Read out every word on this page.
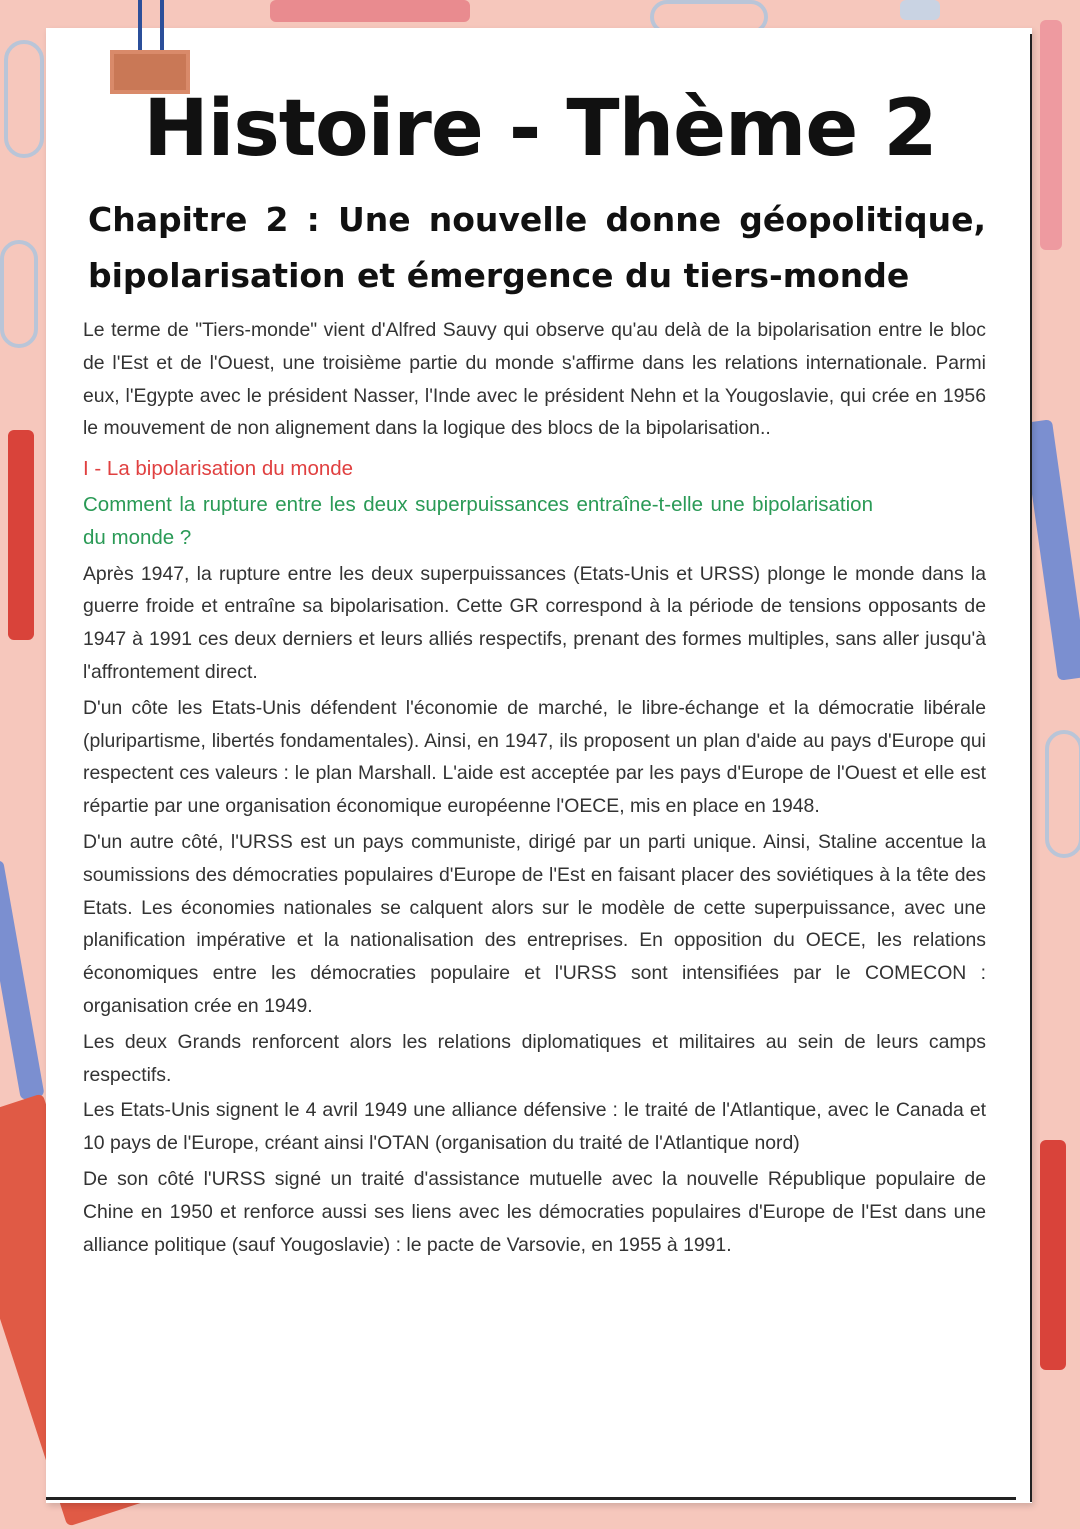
Histoire - Thème 2
Chapitre 2 : Une nouvelle donne géopolitique, bipolarisation et émergence du tiers-monde

Le terme de "Tiers-monde" vient d'Alfred Sauvy qui observe qu'au delà de la bipolarisation entre le bloc de l'Est et de l'Ouest, une troisième partie du monde s'affirme dans les relations internationale. Parmi eux, l'Egypte avec le président Nasser, l'Inde avec le président Nehn et la Yougoslavie, qui crée en 1956 le mouvement de non alignement dans la logique des blocs de la bipolarisation..

I - La bipolarisation du monde

Comment la rupture entre les deux superpuissances entraîne-t-elle une bipolarisation du monde ?

Après 1947, la rupture entre les deux superpuissances (Etats-Unis et URSS) plonge le monde dans la guerre froide et entraîne sa bipolarisation. Cette GR correspond à la période de tensions opposants de 1947 à 1991 ces deux derniers et leurs alliés respectifs, prenant des formes multiples, sans aller jusqu'à l'affrontement direct.

D'un côte les Etats-Unis défendent l'économie de marché, le libre-échange et la démocratie libérale (pluripartisme, libertés fondamentales). Ainsi, en 1947, ils proposent un plan d'aide au pays d'Europe qui respectent ces valeurs : le plan Marshall. L'aide est acceptée par les pays d'Europe de l'Ouest et elle est répartie par une organisation économique européenne l'OECE, mis en place en 1948.

D'un autre côté, l'URSS est un pays communiste, dirigé par un parti unique. Ainsi, Staline accentue la soumissions des démocraties populaires d'Europe de l'Est en faisant placer des soviétiques à la tête des Etats. Les économies nationales se calquent alors sur le modèle de cette superpuissance, avec une planification impérative et la nationalisation des entreprises. En opposition du OECE, les relations économiques entre les démocraties populaire et l'URSS sont intensifiées par le COMECON : organisation crée en 1949.

Les deux Grands renforcent alors les relations diplomatiques et militaires au sein de leurs camps respectifs.

Les Etats-Unis signent le 4 avril 1949 une alliance défensive : le traité de l'Atlantique, avec le Canada et 10 pays de l'Europe, créant ainsi l'OTAN (organisation du traité de l'Atlantique nord)

De son côté l'URSS signé un traité d'assistance mutuelle avec la nouvelle République populaire de Chine en 1950 et renforce aussi ses liens avec les démocraties populaires d'Europe de l'Est dans une alliance politique (sauf Yougoslavie) : le pacte de Varsovie, en 1955 à 1991.
